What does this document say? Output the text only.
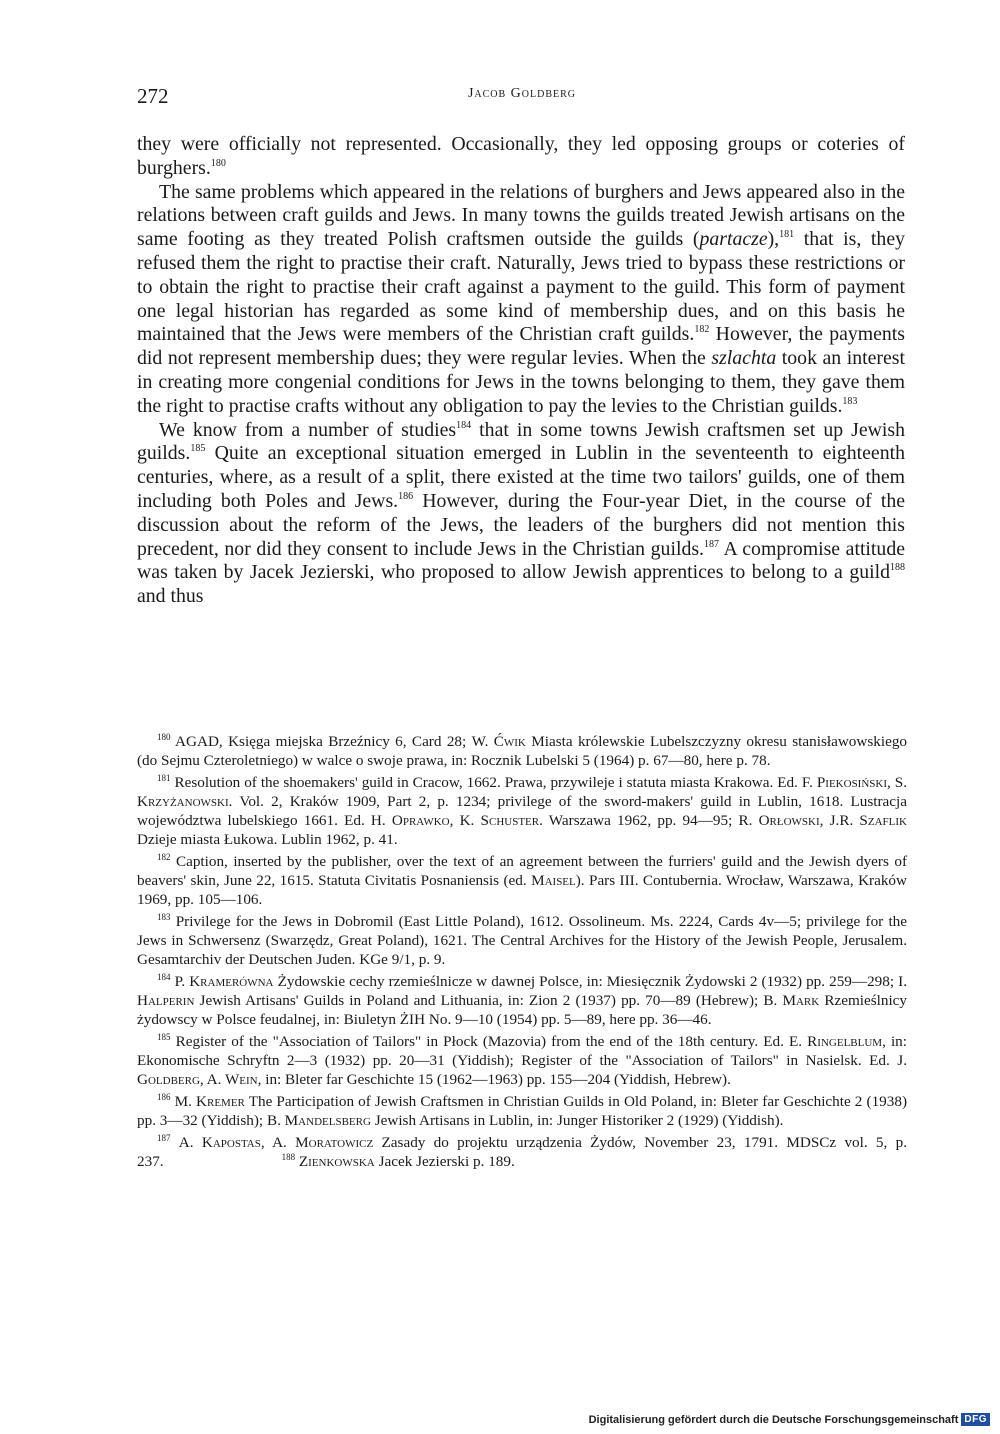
272	Jacob Goldberg

they were officially not represented. Occasionally, they led opposing groups or coteries of burghers.$^{180}$

The same problems which appeared in the relations of burghers and Jews appeared also in the relations between craft guilds and Jews. In many towns the guilds treated Jewish artisans on the same footing as they treated Polish craftsmen outside the guilds (partacze),$^{181}$ that is, they refused them the right to practise their craft. Naturally, Jews tried to bypass these restrictions or to obtain the right to practise their craft against a payment to the guild. This form of payment one legal historian has regarded as some kind of membership dues, and on this basis he maintained that the Jews were members of the Christian craft guilds.$^{182}$ However, the payments did not represent membership dues; they were regular levies. When the szlachta took an interest in creating more congenial conditions for Jews in the towns belonging to them, they gave them the right to practise crafts without any obligation to pay the levies to the Christian guilds.$^{183}$

We know from a number of studies$^{184}$ that in some towns Jewish craftsmen set up Jewish guilds.$^{185}$ Quite an exceptional situation emerged in Lublin in the seventeenth to eighteenth centuries, where, as a result of a split, there existed at the time two tailors' guilds, one of them including both Poles and Jews.$^{186}$ However, during the Four-year Diet, in the course of the discussion about the reform of the Jews, the leaders of the burghers did not mention this precedent, nor did they consent to include Jews in the Christian guilds.$^{187}$ A compromise attitude was taken by Jacek Jezierski, who proposed to allow Jewish apprentices to belong to a guild$^{188}$ and thus

$^{180}$ AGAD, Księga miejska Brzeźnicy 6, Card 28; W. Ćwik Miasta królewskie Lubelszczyzny okresu stanisławowskiego (do Sejmu Czteroletniego) w walce o swoje prawa, in: Rocznik Lubelski 5 (1964) p. 67—80, here p. 78.

$^{181}$ Resolution of the shoemakers' guild in Cracow, 1662. Prawa, przywileje i statuta miasta Krakowa. Ed. F. Piekosiński, S. Krzyżanowski. Vol. 2, Kraków 1909, Part 2, p. 1234; privilege of the sword-makers' guild in Lublin, 1618. Lustracja województwa lubelskiego 1661. Ed. H. Oprawko, K. Schuster. Warszawa 1962, pp. 94—95; R. Orłowski, J.R. Szaflik Dzieje miasta Łukowa. Lublin 1962, p. 41.

$^{182}$ Caption, inserted by the publisher, over the text of an agreement between the furriers' guild and the Jewish dyers of beavers' skin, June 22, 1615. Statuta Civitatis Posnaniensis (ed. Maisel). Pars III. Contubernia. Wrocław, Warszawa, Kraków 1969, pp. 105—106.

$^{183}$ Privilege for the Jews in Dobromil (East Little Poland), 1612. Ossolineum. Ms. 2224, Cards 4v—5; privilege for the Jews in Schwersenz (Swarzędz, Great Poland), 1621. The Central Archives for the History of the Jewish People, Jerusalem. Gesamtarchiv der Deutschen Juden. KGe 9/1, p. 9.

$^{184}$ P. Kramerówna Żydowskie cechy rzemieślnicze w dawnej Polsce, in: Miesięcznik Żydowski 2 (1932) pp. 259—298; I. Halperin Jewish Artisans' Guilds in Poland and Lithuania, in: Zion 2 (1937) pp. 70—89 (Hebrew); B. Mark Rzemieślnicy żydowscy w Polsce feudalnej, in: Biuletyn ŻIH No. 9—10 (1954) pp. 5—89, here pp. 36—46.

$^{185}$ Register of the "Association of Tailors" in Płock (Mazovia) from the end of the 18th century. Ed. E. Ringelblum, in: Ekonomische Schryftn 2—3 (1932) pp. 20—31 (Yiddish); Register of the "Association of Tailors" in Nasielsk. Ed. J. Goldberg, A. Wein, in: Bleter far Geschichte 15 (1962—1963) pp. 155—204 (Yiddish, Hebrew).

$^{186}$ M. Kremer The Participation of Jewish Craftsmen in Christian Guilds in Old Poland, in: Bleter far Geschichte 2 (1938) pp. 3—32 (Yiddish); B. Mandelsberg Jewish Artisans in Lublin, in: Junger Historiker 2 (1929) (Yiddish).

$^{187}$ A. Kapostas, A. Moratowicz Zasady do projektu urządzenia Żydów, November 23, 1791. MDSCz vol. 5, p. 237.	$^{188}$ Zienkowska Jacek Jezierski p. 189.

Digitalisierung gefördert durch die Deutsche Forschungsgemeinschaft DFG
